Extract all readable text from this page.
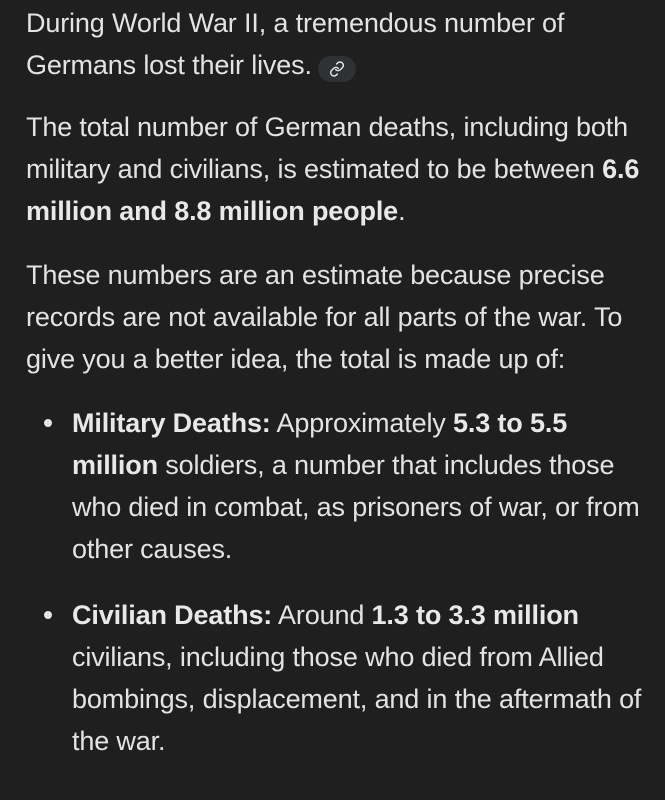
During World War II, a tremendous number of Germans lost their lives.

The total number of German deaths, including both military and civilians, is estimated to be between 6.6 million and 8.8 million people.

These numbers are an estimate because precise records are not available for all parts of the war. To give you a better idea, the total is made up of:

Military Deaths: Approximately 5.3 to 5.5 million soldiers, a number that includes those who died in combat, as prisoners of war, or from other causes.
Civilian Deaths: Around 1.3 to 3.3 million civilians, including those who died from Allied bombings, displacement, and in the aftermath of the war.
